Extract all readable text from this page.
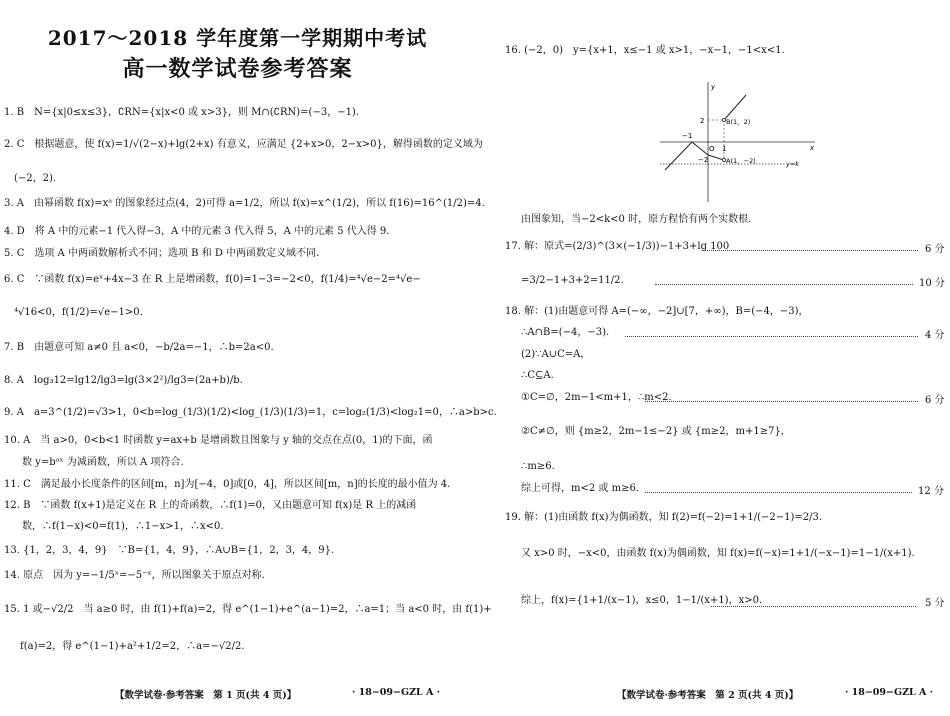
2017～2018 学年度第一学期期中考试
高一数学试卷参考答案
1. B　N={x|0≤x≤3}，∁RN={x|x<0 或 x>3}，则 M∩(∁RN)=(−3，−1).
2. C　根据题意，使 f(x)=1/√(2−x)+lg(2+x) 有意义，应满足 {2+x>0，2−x>0}，解得函数的定义域为
(−2，2).
3. A　由幂函数 f(x)=xᵃ 的图象经过点(4，2)可得 a=1/2，所以 f(x)=x^(1/2)，所以 f(16)=16^(1/2)=4.
4. D　将 A 中的元素−1 代入得−3，A 中的元素 3 代入得 5，A 中的元素 5 代入得 9.
5. C　选项 A 中两函数解析式不同；选项 B 和 D 中两函数定义域不同.
6. C　∵函数 f(x)=eˣ+4x−3 在 R 上是增函数，f(0)=1−3=−2<0，f(1/4)=⁴√e−2=⁴√e−
⁴√16<0，f(1/2)=√e−1>0.
7. B　由题意可知 a≠0 且 a<0，−b/2a=−1，∴b=2a<0.
8. A　log₃12=lg12/lg3=lg(3×2²)/lg3=(2a+b)/b.
9. A　a=3^(1/2)=√3>1，0<b=log_(1/3)(1/2)<log_(1/3)(1/3)=1，c=log₂(1/3)<log₂1=0，∴a>b>c.
10. A　当 a>0，0<b<1 时函数 y=ax+b 是增函数且图象与 y 轴的交点在点(0，1)的下面，函
数 y=bᵃˣ 为减函数，所以 A 项符合.
11. C　满足最小长度条件的区间[m，n]为[−4，0]或[0，4]，所以区间[m，n]的长度的最小值为 4.
12. B　∵函数 f(x+1)是定义在 R 上的奇函数，∴f(1)=0，又由题意可知 f(x)是 R 上的减函
数，∴f(1−x)<0=f(1)，∴1−x>1，∴x<0.
13. {1，2，3，4，9}　∵B={1，4，9}，∴A∪B={1，2，3，4，9}.
14. 原点　因为 y=−1/5ˣ=−5⁻ˣ，所以图象关于原点对称.
15. 1 或−√2/2　当 a≥0 时，由 f(1)+f(a)=2，得 e^(1−1)+e^(a−1)=2，∴a=1；当 a<0 时，由 f(1)+
f(a)=2，得 e^(1−1)+a²+1/2=2，∴a=−√2/2.
【数学试卷·参考答案　第 1 页(共 4 页)】	· 18−09−GZL A ·
16. (−2，0)　y={x+1，x≤−1 或 x>1，−x−1，−1<x<1.
y
x
O
2
−1
1
−2
B(1，2)
A(1，−2)	y=k
由图象知，当−2<k<0 时，原方程恰有两个实数根.
17. 解：原式=(2/3)^(3×(−1/3))−1+3+lg 100	6 分
=3/2−1+3+2=11/2.	10 分
18. 解：(1)由题意可得 A=(−∞，−2]∪[7，+∞)，B=(−4，−3)，
∴A∩B=(−4，−3).	4 分
(2)∵A∪C=A，
∴C⊆A.
①C=∅，2m−1<m+1，∴m<2.	6 分
②C≠∅，则 {m≥2，2m−1≤−2} 或 {m≥2，m+1≥7}，
∴m≥6.
综上可得，m<2 或 m≥6.	12 分
19. 解：(1)由函数 f(x)为偶函数，知 f(2)=f(−2)=1+1/(−2−1)=2/3.
又 x>0 时，−x<0，由函数 f(x)为偶函数，知 f(x)=f(−x)=1+1/(−x−1)=1−1/(x+1).
综上，f(x)={1+1/(x−1)，x≤0，1−1/(x+1)，x>0.	5 分
【数学试卷·参考答案　第 2 页(共 4 页)】	· 18−09−GZL A ·
